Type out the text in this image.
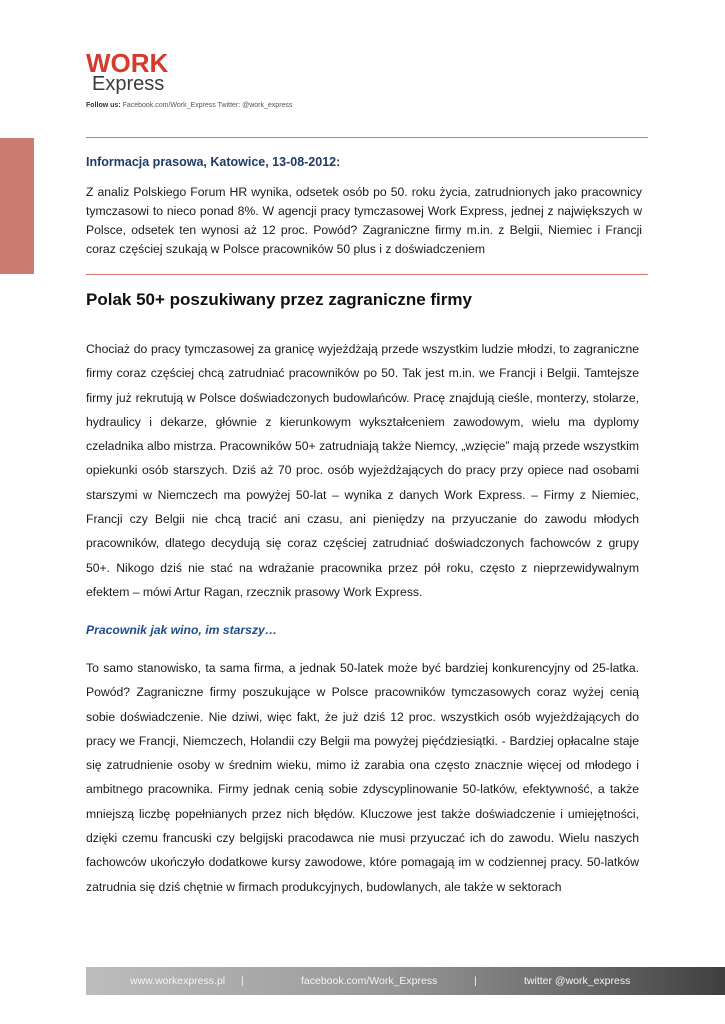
WORK
Express
Follow us: Facebook.com/Work_Express Twitter: @work_express
Informacja prasowa, Katowice, 13-08-2012:
Z analiz Polskiego Forum HR wynika, odsetek osób po 50. roku życia, zatrudnionych jako pracownicy tymczasowi to nieco ponad 8%. W agencji pracy tymczasowej Work Express, jednej z największych w Polsce, odsetek ten wynosi aż 12 proc. Powód? Zagraniczne firmy m.in. z Belgii, Niemiec i Francji coraz częściej szukają w Polsce pracowników 50 plus i z doświadczeniem
Polak 50+ poszukiwany przez zagraniczne firmy
Chociaż do pracy tymczasowej za granicę wyjeżdżają przede wszystkim ludzie młodzi, to zagraniczne firmy coraz częściej chcą zatrudniać pracowników po 50. Tak jest m.in. we Francji i Belgii. Tamtejsze firmy już rekrutują w Polsce doświadczonych budowlańców. Pracę znajdują cieśle, monterzy, stolarze, hydraulicy i dekarze, głównie z kierunkowym wykształceniem zawodowym, wielu ma dyplomy czeladnika albo mistrza. Pracowników 50+ zatrudniają także Niemcy, „wzięcie” mają przede wszystkim opiekunki osób starszych. Dziś aż 70 proc. osób wyjeżdżających do pracy przy opiece nad osobami starszymi w Niemczech ma powyżej 50-lat – wynika z danych Work Express. – Firmy z Niemiec, Francji czy Belgii nie chcą tracić ani czasu, ani pieniędzy na przyuczanie do zawodu młodych pracowników, dlatego decydują się coraz częściej zatrudniać doświadczonych fachowców z grupy 50+. Nikogo dziś nie stać na wdrażanie pracownika przez pół roku, często z nieprzewidywalnym efektem – mówi Artur Ragan, rzecznik prasowy Work Express.
Pracownik jak wino, im starszy…
To samo stanowisko, ta sama firma, a jednak 50-latek może być bardziej konkurencyjny od 25-latka. Powód? Zagraniczne firmy poszukujące w Polsce pracowników tymczasowych coraz wyżej cenią sobie doświadczenie. Nie dziwi, więc fakt, że już dziś 12 proc. wszystkich osób wyjeżdżających do pracy we Francji, Niemczech, Holandii czy Belgii ma powyżej pięćdziesiątki. - Bardziej opłacalne staje się zatrudnienie osoby w średnim wieku, mimo iż zarabia ona często znacznie więcej od młodego i ambitnego pracownika. Firmy jednak cenią sobie zdyscyplinowanie 50-latków, efektywność, a także mniejszą liczbę popełnianych przez nich błędów. Kluczowe jest także doświadczenie i umiejętności, dzięki czemu francuski czy belgijski pracodawca nie musi przyuczać ich do zawodu. Wielu naszych fachowców ukończyło dodatkowe kursy zawodowe, które pomagają im w codziennej pracy. 50-latków zatrudnia się dziś chętnie w firmach produkcyjnych, budowlanych, ale także w sektorach
www.workexpress.pl |	facebook.com/Work_Express	|	twitter @work_express
